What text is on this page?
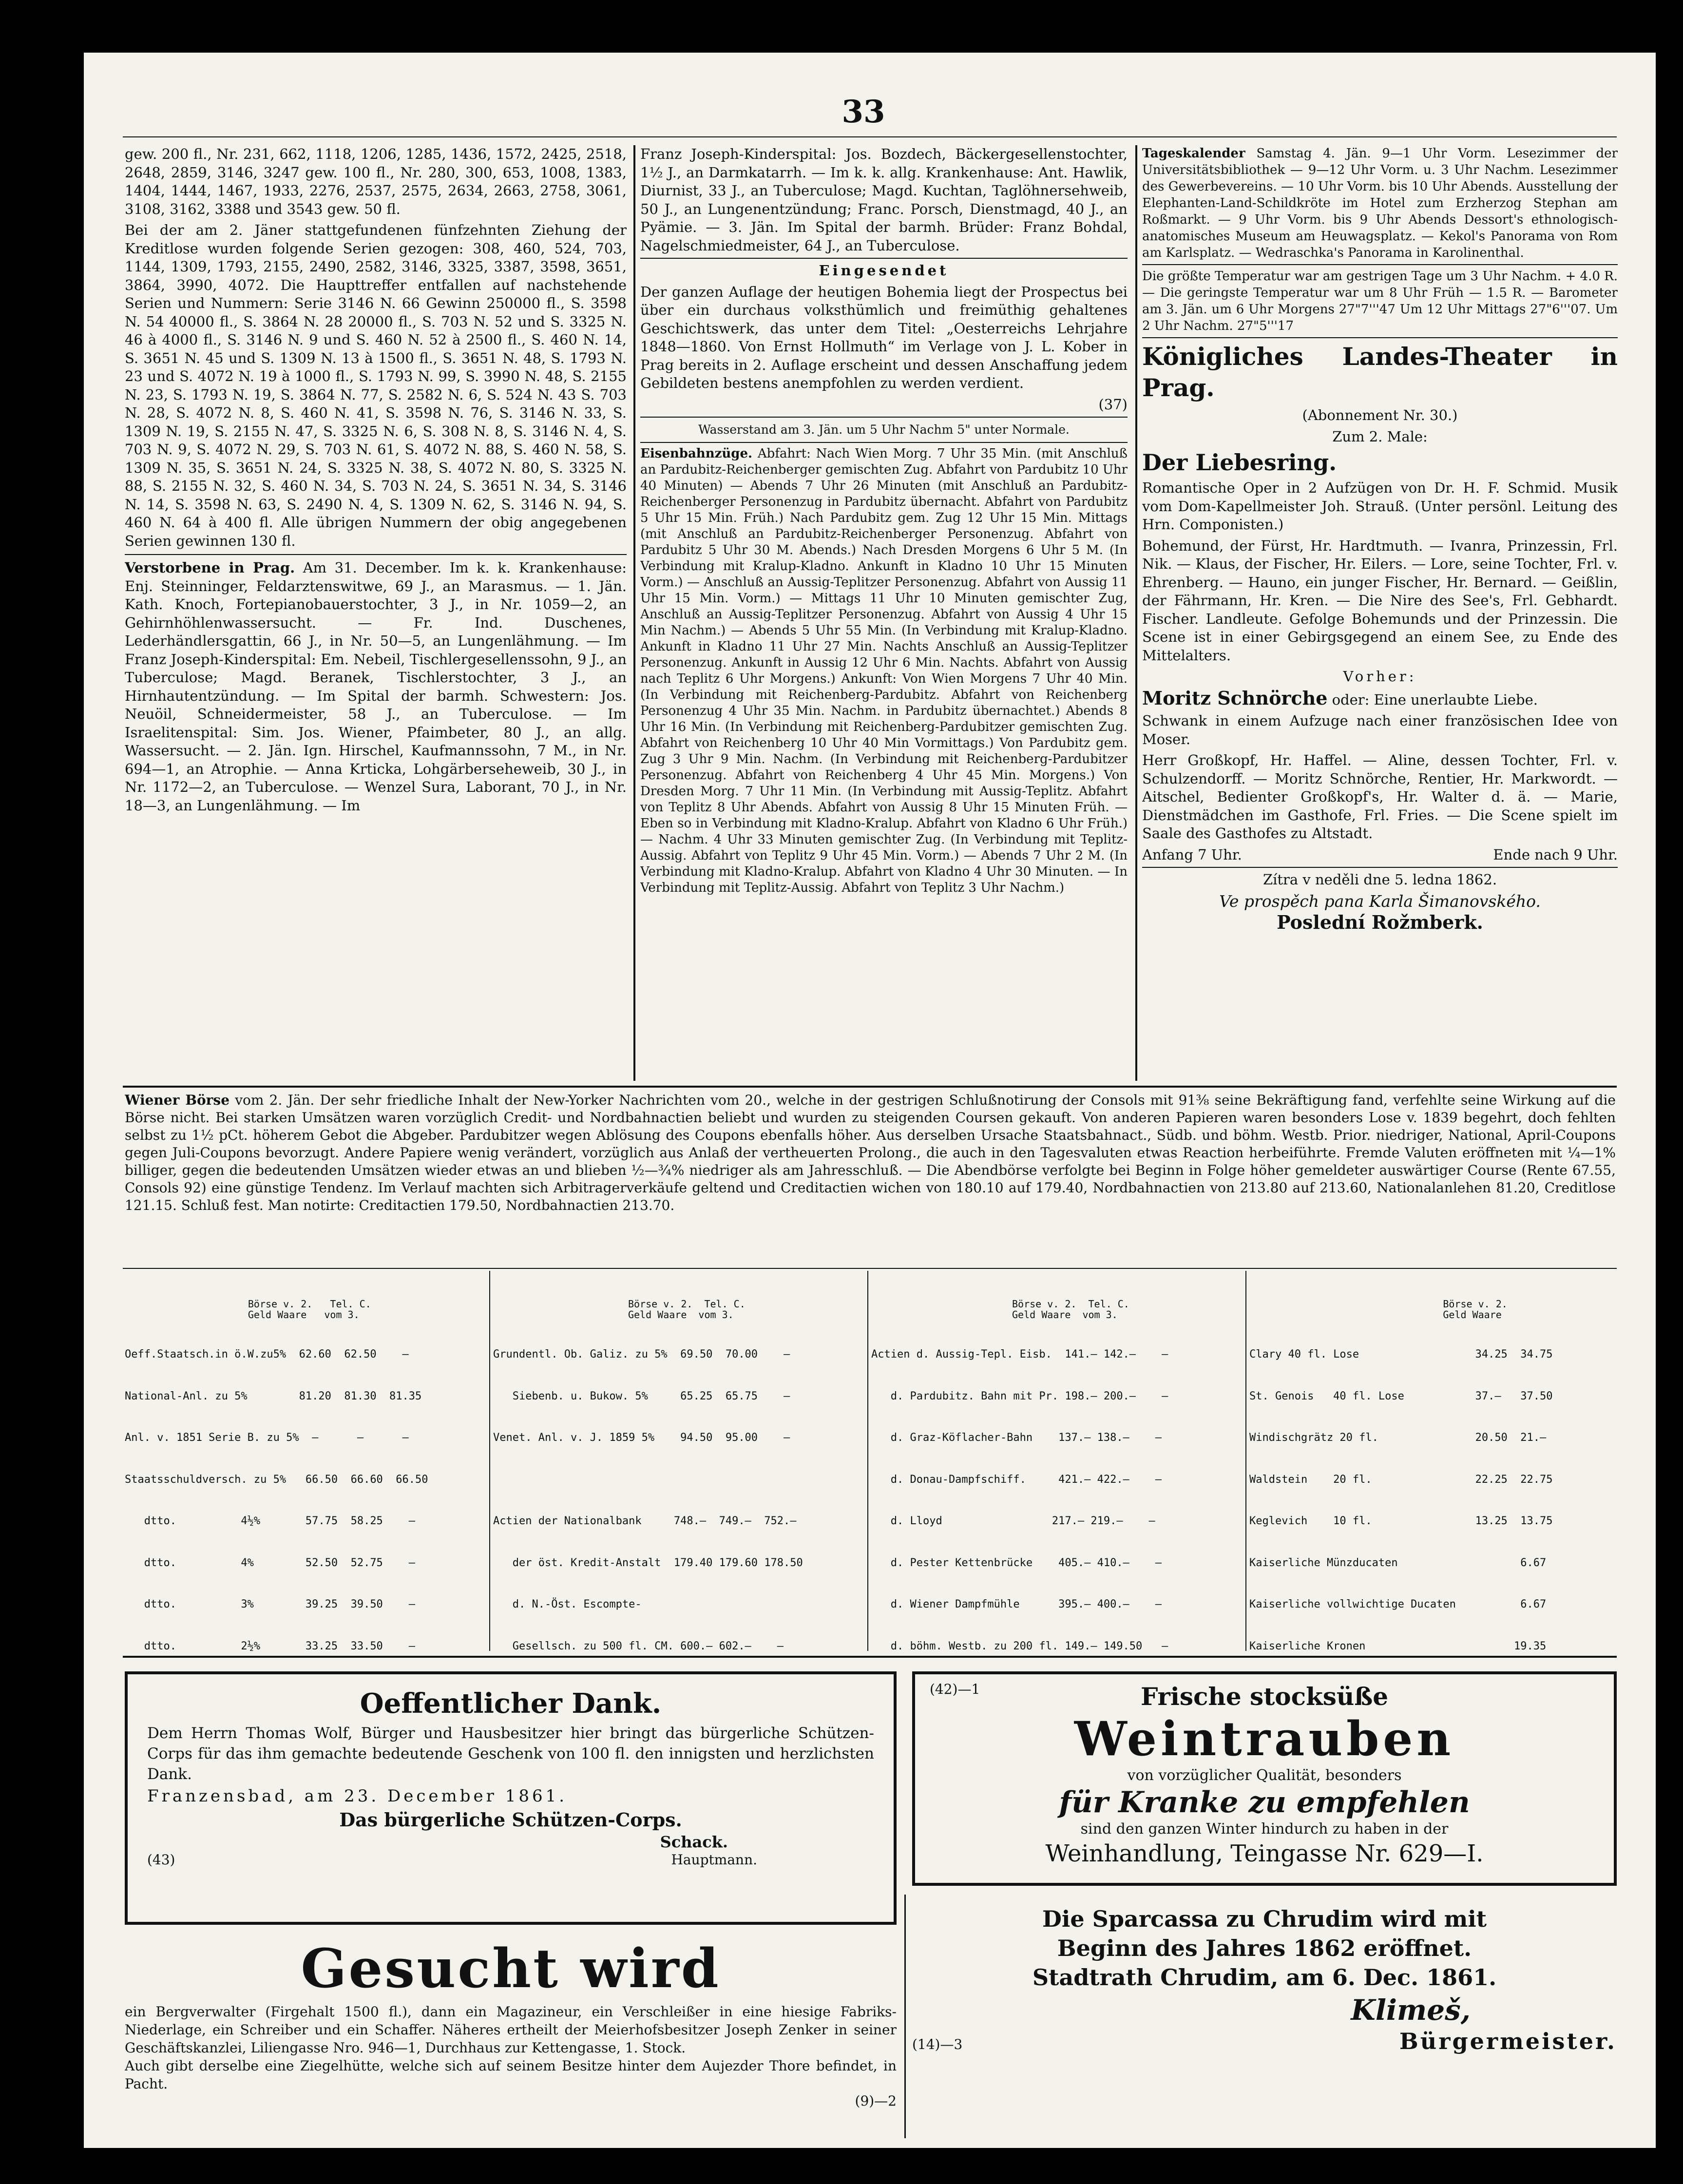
33

gew. 200 fl., Nr. 231, 662, 1118, 1206, 1285, 1436, 1572, 2425, 2518, 2648, 2859, 3146, 3247 gew. 100 fl., Nr. 280, 300, 653, 1008, 1383, 1404, 1444, 1467, 1933, 2276, 2537, 2575, 2634, 2663, 2758, 3061, 3108, 3162, 3388 und 3543 gew. 50 fl.

Bei der am 2. Jäner stattgefundenen fünfzehnten Ziehung der Kreditlose wurden folgende Serien gezogen: 308, 460, 524, 703, 1144, 1309, 1793, 2155, 2490, 2582, 3146, 3325, 3387, 3598, 3651, 3864, 3990, 4072. Die Haupttreffer entfallen auf nachstehende Serien und Nummern: Serie 3146 N. 66 Gewinn 250000 fl., S. 3598 N. 54 40000 fl., S. 3864 N. 28 20000 fl., S. 703 N. 52 und S. 3325 N. 46 à 4000 fl., S. 3146 N. 9 und S. 460 N. 52 à 2500 fl., S. 460 N. 14, S. 3651 N. 45 und S. 1309 N. 13 à 1500 fl., S. 3651 N. 48, S. 1793 N. 23 und S. 4072 N. 19 à 1000 fl., S. 1793 N. 99, S. 3990 N. 48, S. 2155 N. 23, S. 1793 N. 19, S. 3864 N. 77, S. 2582 N. 6, S. 524 N. 43 S. 703 N. 28, S. 4072 N. 8, S. 460 N. 41, S. 3598 N. 76, S. 3146 N. 33, S. 1309 N. 19, S. 2155 N. 47, S. 3325 N. 6, S. 308 N. 8, S. 3146 N. 4, S. 703 N. 9, S. 4072 N. 29, S. 703 N. 61, S. 4072 N. 88, S. 460 N. 58, S. 1309 N. 35, S. 3651 N. 24, S. 3325 N. 38, S. 4072 N. 80, S. 3325 N. 88, S. 2155 N. 32, S. 460 N. 34, S. 703 N. 24, S. 3651 N. 34, S. 3146 N. 14, S. 3598 N. 63, S. 2490 N. 4, S. 1309 N. 62, S. 3146 N. 94, S. 460 N. 64 à 400 fl. Alle übrigen Nummern der obig angegebenen Serien gewinnen 130 fl.

Verstorbene in Prag. Am 31. December. Im k. k. Krankenhause: Enj. Steinninger, Feldarztenswitwe, 69 J., an Marasmus. — 1. Jän. Kath. Knoch, Fortepianobauerstochter, 3 J., in Nr. 1059—2, an Gehirnhöhlenwassersucht. — Fr. Ind. Duschenes, Lederhändlersgattin, 66 J., in Nr. 50—5, an Lungenlähmung. — Im Franz Joseph-Kinderspital: Em. Nebeil, Tischlergesellenssohn, 9 J., an Tuberculose; Magd. Beranek, Tischlerstochter, 3 J., an Hirnhautentzündung. — Im Spital der barmh. Schwestern: Jos. Neuöil, Schneidermeister, 58 J., an Tuberculose. — Im Israelitenspital: Sim. Jos. Wiener, Pfaimbeter, 80 J., an allg. Wassersucht. — 2. Jän. Ign. Hirschel, Kaufmannssohn, 7 M., in Nr. 694—1, an Atrophie. — Anna Krticka, Lohgärberseheweib, 30 J., in Nr. 1172—2, an Tuberculose. — Wenzel Sura, Laborant, 70 J., in Nr. 18—3, an Lungenlähmung. — Im

Franz Joseph-Kinderspital: Jos. Bozdech, Bäckergesellenstochter, 1½ J., an Darmkatarrh. — Im k. k. allg. Krankenhause: Ant. Hawlik, Diurnist, 33 J., an Tuberculose; Magd. Kuchtan, Taglöhnersehweib, 50 J., an Lungenentzündung; Franc. Porsch, Dienstmagd, 40 J., an Pyämie. — 3. Jän. Im Spital der barmh. Brüder: Franz Bohdal, Nagelschmiedmeister, 64 J., an Tuberculose.

Eingesendet

Der ganzen Auflage der heutigen Bohemia liegt der Prospectus bei über ein durchaus volksthümlich und freimüthig gehaltenes Geschichtswerk, das unter dem Titel: „Oesterreichs Lehrjahre 1848—1860. Von Ernst Hollmuth“ im Verlage von J. L. Kober in Prag bereits in 2. Auflage erscheint und dessen Anschaffung jedem Gebildeten bestens anempfohlen zu werden verdient.

(37)

Wasserstand am 3. Jän. um 5 Uhr Nachm 5" unter Normale.

Eisenbahnzüge. Abfahrt: Nach Wien Morg. 7 Uhr 35 Min. (mit Anschluß an Pardubitz-Reichenberger gemischten Zug. Abfahrt von Pardubitz 10 Uhr 40 Minuten) — Abends 7 Uhr 26 Minuten (mit Anschluß an Pardubitz-Reichenberger Personenzug in Pardubitz übernacht. Abfahrt von Pardubitz 5 Uhr 15 Min. Früh.) Nach Pardubitz gem. Zug 12 Uhr 15 Min. Mittags (mit Anschluß an Pardubitz-Reichenberger Personenzug. Abfahrt von Pardubitz 5 Uhr 30 M. Abends.) Nach Dresden Morgens 6 Uhr 5 M. (In Verbindung mit Kralup-Kladno. Ankunft in Kladno 10 Uhr 15 Minuten Vorm.) — Anschluß an Aussig-Teplitzer Personenzug. Abfahrt von Aussig 11 Uhr 15 Min. Vorm.) — Mittags 11 Uhr 10 Minuten gemischter Zug, Anschluß an Aussig-Teplitzer Personenzug. Abfahrt von Aussig 4 Uhr 15 Min Nachm.) — Abends 5 Uhr 55 Min. (In Verbindung mit Kralup-Kladno. Ankunft in Kladno 11 Uhr 27 Min. Nachts Anschluß an Aussig-Teplitzer Personenzug. Ankunft in Aussig 12 Uhr 6 Min. Nachts. Abfahrt von Aussig nach Teplitz 6 Uhr Morgens.) Ankunft: Von Wien Morgens 7 Uhr 40 Min. (In Verbindung mit Reichenberg-Pardubitz. Abfahrt von Reichenberg Personenzug 4 Uhr 35 Min. Nachm. in Pardubitz übernachtet.) Abends 8 Uhr 16 Min. (In Verbindung mit Reichenberg-Pardubitzer gemischten Zug. Abfahrt von Reichenberg 10 Uhr 40 Min Vormittags.) Von Pardubitz gem. Zug 3 Uhr 9 Min. Nachm. (In Verbindung mit Reichenberg-Pardubitzer Personenzug. Abfahrt von Reichenberg 4 Uhr 45 Min. Morgens.) Von Dresden Morg. 7 Uhr 11 Min. (In Verbindung mit Aussig-Teplitz. Abfahrt von Teplitz 8 Uhr Abends. Abfahrt von Aussig 8 Uhr 15 Minuten Früh. — Eben so in Verbindung mit Kladno-Kralup. Abfahrt von Kladno 6 Uhr Früh.) — Nachm. 4 Uhr 33 Minuten gemischter Zug. (In Verbindung mit Teplitz-Aussig. Abfahrt von Teplitz 9 Uhr 45 Min. Vorm.) — Abends 7 Uhr 2 M. (In Verbindung mit Kladno-Kralup. Abfahrt von Kladno 4 Uhr 30 Minuten. — In Verbindung mit Teplitz-Aussig. Abfahrt von Teplitz 3 Uhr Nachm.)

Tageskalender Samstag 4. Jän. 9—1 Uhr Vorm. Lesezimmer der Universitätsbibliothek — 9—12 Uhr Vorm. u. 3 Uhr Nachm. Lesezimmer des Gewerbevereins. — 10 Uhr Vorm. bis 10 Uhr Abends. Ausstellung der Elephanten-Land-Schildkröte im Hotel zum Erzherzog Stephan am Roßmarkt. — 9 Uhr Vorm. bis 9 Uhr Abends Dessort's ethnologisch-anatomisches Museum am Heuwagsplatz. — Kekol's Panorama von Rom am Karlsplatz. — Wedraschka's Panorama in Karolinenthal.

Die größte Temperatur war am gestrigen Tage um 3 Uhr Nachm. + 4.0 R. — Die geringste Temperatur war um 8 Uhr Früh — 1.5 R. — Barometer am 3. Jän. um 6 Uhr Morgens 27"7'''47 Um 12 Uhr Mittags 27"6'''07. Um 2 Uhr Nachm. 27"5'''17

Königliches Landes-Theater in Prag.

(Abonnement Nr. 30.)

Zum 2. Male:

Der Liebesring.

Romantische Oper in 2 Aufzügen von Dr. H. F. Schmid. Musik vom Dom-Kapellmeister Joh. Strauß. (Unter persönl. Leitung des Hrn. Componisten.)

Bohemund, der Fürst, Hr. Hardtmuth. — Ivanra, Prinzessin, Frl. Nik. — Klaus, der Fischer, Hr. Eilers. — Lore, seine Tochter, Frl. v. Ehrenberg. — Hauno, ein junger Fischer, Hr. Bernard. — Geißlin, der Fährmann, Hr. Kren. — Die Nire des See's, Frl. Gebhardt. Fischer. Landleute. Gefolge Bohemunds und der Prinzessin. Die Scene ist in einer Gebirgsgegend an einem See, zu Ende des Mittelalters.

Vorher:

Moritz Schnörche oder: Eine unerlaubte Liebe.

Schwank in einem Aufzuge nach einer französischen Idee von Moser.

Herr Großkopf, Hr. Haffel. — Aline, dessen Tochter, Frl. v. Schulzendorff. — Moritz Schnörche, Rentier, Hr. Markwordt. — Aitschel, Bedienter Großkopf's, Hr. Walter d. ä. — Marie, Dienstmädchen im Gasthofe, Frl. Fries. — Die Scene spielt im Saale des Gasthofes zu Altstadt.

Anfang 7 Uhr.	Ende nach 9 Uhr.

Zítra v neděli dne 5. ledna 1862.

Ve prospěch pana Karla Šimanovského.

Poslední Rožmberk.

Wiener Börse vom 2. Jän. Der sehr friedliche Inhalt der New-Yorker Nachrichten vom 20., welche in der gestrigen Schlußnotirung der Consols mit 91⅜ seine Bekräftigung fand, verfehlte seine Wirkung auf die Börse nicht. Bei starken Umsätzen waren vorzüglich Credit- und Nordbahnactien beliebt und wurden zu steigenden Coursen gekauft. Von anderen Papieren waren besonders Lose v. 1839 begehrt, doch fehlten selbst zu 1½ pCt. höherem Gebot die Abgeber. Pardubitzer wegen Ablösung des Coupons ebenfalls höher. Aus derselben Ursache Staatsbahnact., Südb. und böhm. Westb. Prior. niedriger, National, April-Coupons gegen Juli-Coupons bevorzugt. Andere Papiere wenig verändert, vorzüglich aus Anlaß der vertheuerten Prolong., die auch in den Tagesvaluten etwas Reaction herbeiführte. Fremde Valuten eröffneten mit ¼—1% billiger, gegen die bedeutenden Umsätzen wieder etwas an und blieben ½—¾% niedriger als am Jahresschluß. — Die Abendbörse verfolgte bei Beginn in Folge höher gemeldeter auswärtiger Course (Rente 67.55, Consols 92) eine günstige Tendenz. Im Verlauf machten sich Arbitragerverkäufe geltend und Creditactien wichen von 180.10 auf 179.40, Nordbahnactien von 213.80 auf 213.60, Nationalanlehen 81.20, Creditlose 121.15. Schluß fest. Man notirte: Creditactien 179.50, Nordbahnactien 213.70.

Börse v. 2.   Tel. C.
Geld Waare   vom 3.

Oeff.Staatsch.in ö.W.zu5%  62.60  62.50    —

National-Anl. zu 5%        81.20  81.30  81.35

Anl. v. 1851 Serie B. zu 5%  —      —      —

Staatsschuldversch. zu 5%   66.50  66.60  66.50

dtto.          4½%       57.75  58.25    —

dtto.          4%        52.50  52.75    —

dtto.          3%        39.25  39.50    —

dtto.          2½%       33.25  33.50    —

Börse v. 2.  Tel. C.
Geld Waare  vom 3.

Grundentl. Ob. Galiz. zu 5%  69.50  70.00    —

Siebenb. u. Bukow. 5%     65.25  65.75    —

Venet. Anl. v. J. 1859 5%    94.50  95.00    —

Actien der Nationalbank     748.—  749.—  752.—

der öst. Kredit-Anstalt  179.40 179.60 178.50

d. N.-Öst. Escompte-

Gesellsch. zu 500 fl. CM. 600.— 602.—    —

Börse v. 2.  Tel. C.
Geld Waare  vom 3.

Actien d. Aussig-Tepl. Eisb.  141.— 142.—    —

d. Pardubitz. Bahn mit Pr. 198.— 200.—    —

d. Graz-Köflacher-Bahn    137.— 138.—    —

d. Donau-Dampfschiff.     421.— 422.—    —

d. Lloyd                 217.— 219.—    —

d. Pester Kettenbrücke    405.— 410.—    —

d. Wiener Dampfmühle      395.— 400.—    —

d. böhm. Westb. zu 200 fl. 149.— 149.50   —

Börse v. 2.
Geld Waare

Clary 40 fl. Lose                  34.25  34.75

St. Genois   40 fl. Lose           37.—   37.50

Windischgrätz 20 fl.               20.50  21.—

Waldstein    20 fl.                22.25  22.75

Keglevich    10 fl.                13.25  13.75

Kaiserliche Münzducaten                   6.67

Kaiserliche vollwichtige Ducaten          6.67

Kaiserliche Kronen                       19.35

Oeffentlicher Dank.

Dem Herrn Thomas Wolf, Bürger und Hausbesitzer hier bringt das bürgerliche Schützen-Corps für das ihm gemachte bedeutende Geschenk von 100 fl. den innigsten und herzlichsten Dank.

Franzensbad, am 23. December 1861.

Das bürgerliche Schützen-Corps.

Schack.

(43)	Hauptmann.

(42)—1	Frische stocksüße

Weintrauben

von vorzüglicher Qualität, besonders

für Kranke zu empfehlen

sind den ganzen Winter hindurch zu haben in der

Weinhandlung, Teingasse Nr. 629—I.

Gesucht wird

ein Bergverwalter (Firgehalt 1500 fl.), dann ein Magazineur, ein Verschleißer in eine hiesige Fabriks-Niederlage, ein Schreiber und ein Schaffer. Näheres ertheilt der Meierhofsbesitzer Joseph Zenker in seiner Geschäftskanzlei, Liliengasse Nro. 946—1, Durchhaus zur Kettengasse, 1. Stock.

Auch gibt derselbe eine Ziegelhütte, welche sich auf seinem Besitze hinter dem Aujezder Thore befindet, in Pacht.

(9)—2

Die Sparcassa zu Chrudim wird mit

Beginn des Jahres 1862 eröffnet.

Stadtrath Chrudim, am 6. Dec. 1861.

Klimeš,

(14)—3	Bürgermeister.
